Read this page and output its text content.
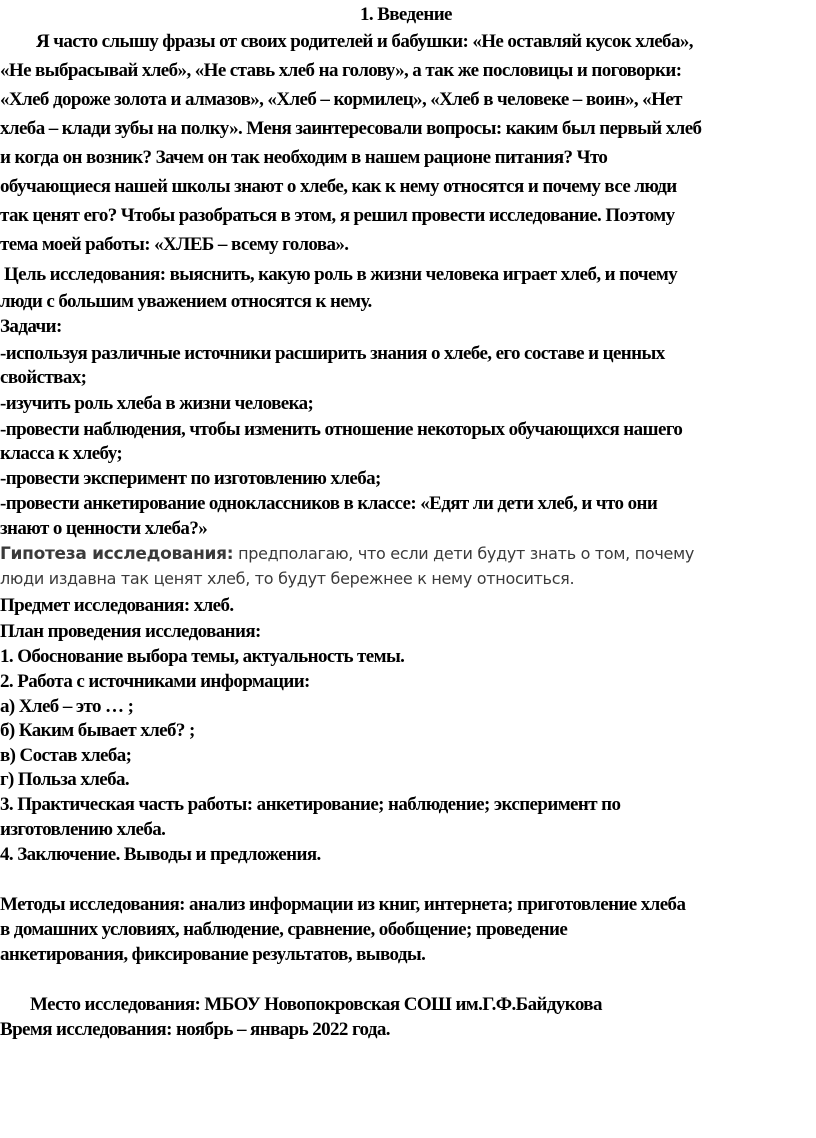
1. Введение
Я часто слышу фразы от своих родителей и бабушки: «Не оставляй кусок хлеба»,
«Не выбрасывай хлеб», «Не ставь хлеб на голову», а так же пословицы и поговорки:
«Хлеб дороже золота и алмазов», «Хлеб – кормилец», «Хлеб в человеке – воин», «Нет
хлеба – клади зубы на полку». Меня заинтересовали вопросы: каким был первый хлеб
и когда он возник? Зачем он так необходим в нашем рационе питания? Что
обучающиеся нашей школы знают о хлебе, как к нему относятся и почему все люди
так ценят его? Чтобы разобраться в этом, я решил провести исследование. Поэтому
тема моей работы: «ХЛЕБ – всему голова».
Цель исследования: выяснить, какую роль в жизни человека играет хлеб, и почему
люди с большим уважением относятся к нему.
Задачи:
-используя различные источники расширить знания о хлебе, его составе и ценных
свойствах;
-изучить роль хлеба в жизни человека;
-провести наблюдения, чтобы изменить отношение некоторых обучающихся нашего
класса к хлебу;
-провести эксперимент по изготовлению хлеба;
-провести анкетирование одноклассников в классе: «Едят ли дети хлеб, и что они
знают о ценности хлеба?»
Гипотеза исследования: предполагаю, что если дети будут знать о том, почему
люди издавна так ценят хлеб, то будут бережнее к нему относиться.
Предмет исследования: хлеб.
План проведения исследования:
1. Обоснование выбора темы, актуальность темы.
2. Работа с источниками информации:
а) Хлеб – это … ;
б) Каким бывает хлеб? ;
в) Состав хлеба;
г) Польза хлеба.
3. Практическая часть работы: анкетирование; наблюдение; эксперимент по
изготовлению хлеба.
4. Заключение. Выводы и предложения.
Методы исследования: анализ информации из книг, интернета; приготовление хлеба
в домашних условиях, наблюдение, сравнение, обобщение; проведение
анкетирования, фиксирование результатов, выводы.
Место исследования: МБОУ Новопокровская СОШ им.Г.Ф.Байдукова
Время исследования: ноябрь – январь 2022 года.
